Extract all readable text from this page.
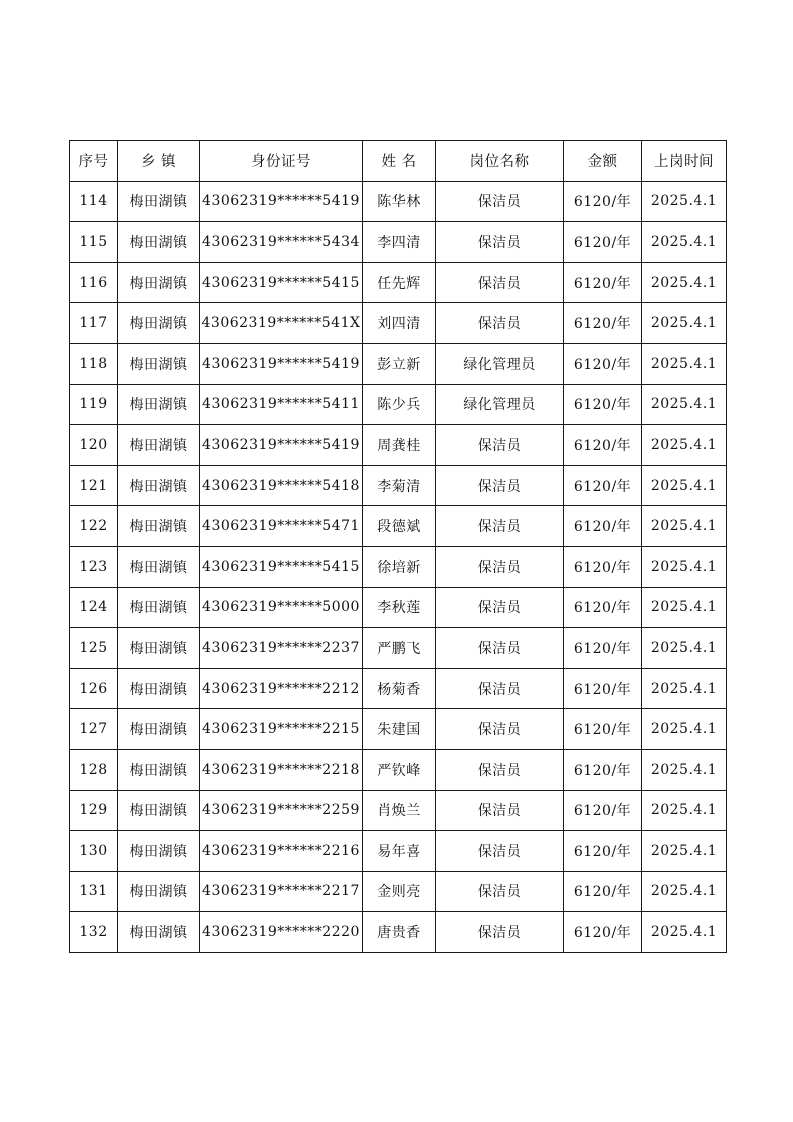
序号	乡 镇	身份证号	姓 名	岗位名称	金额	上岗时间
114	梅田湖镇	43062319******5419	陈华林	保洁员	6120/年	2025.4.1
115	梅田湖镇	43062319******5434	李四清	保洁员	6120/年	2025.4.1
116	梅田湖镇	43062319******5415	任先辉	保洁员	6120/年	2025.4.1
117	梅田湖镇	43062319******541X	刘四清	保洁员	6120/年	2025.4.1
118	梅田湖镇	43062319******5419	彭立新	绿化管理员	6120/年	2025.4.1
119	梅田湖镇	43062319******5411	陈少兵	绿化管理员	6120/年	2025.4.1
120	梅田湖镇	43062319******5419	周龚桂	保洁员	6120/年	2025.4.1
121	梅田湖镇	43062319******5418	李菊清	保洁员	6120/年	2025.4.1
122	梅田湖镇	43062319******5471	段德斌	保洁员	6120/年	2025.4.1
123	梅田湖镇	43062319******5415	徐培新	保洁员	6120/年	2025.4.1
124	梅田湖镇	43062319******5000	李秋莲	保洁员	6120/年	2025.4.1
125	梅田湖镇	43062319******2237	严鹏飞	保洁员	6120/年	2025.4.1
126	梅田湖镇	43062319******2212	杨菊香	保洁员	6120/年	2025.4.1
127	梅田湖镇	43062319******2215	朱建国	保洁员	6120/年	2025.4.1
128	梅田湖镇	43062319******2218	严钦峰	保洁员	6120/年	2025.4.1
129	梅田湖镇	43062319******2259	肖焕兰	保洁员	6120/年	2025.4.1
130	梅田湖镇	43062319******2216	易年喜	保洁员	6120/年	2025.4.1
131	梅田湖镇	43062319******2217	金则亮	保洁员	6120/年	2025.4.1
132	梅田湖镇	43062319******2220	唐贵香	保洁员	6120/年	2025.4.1
